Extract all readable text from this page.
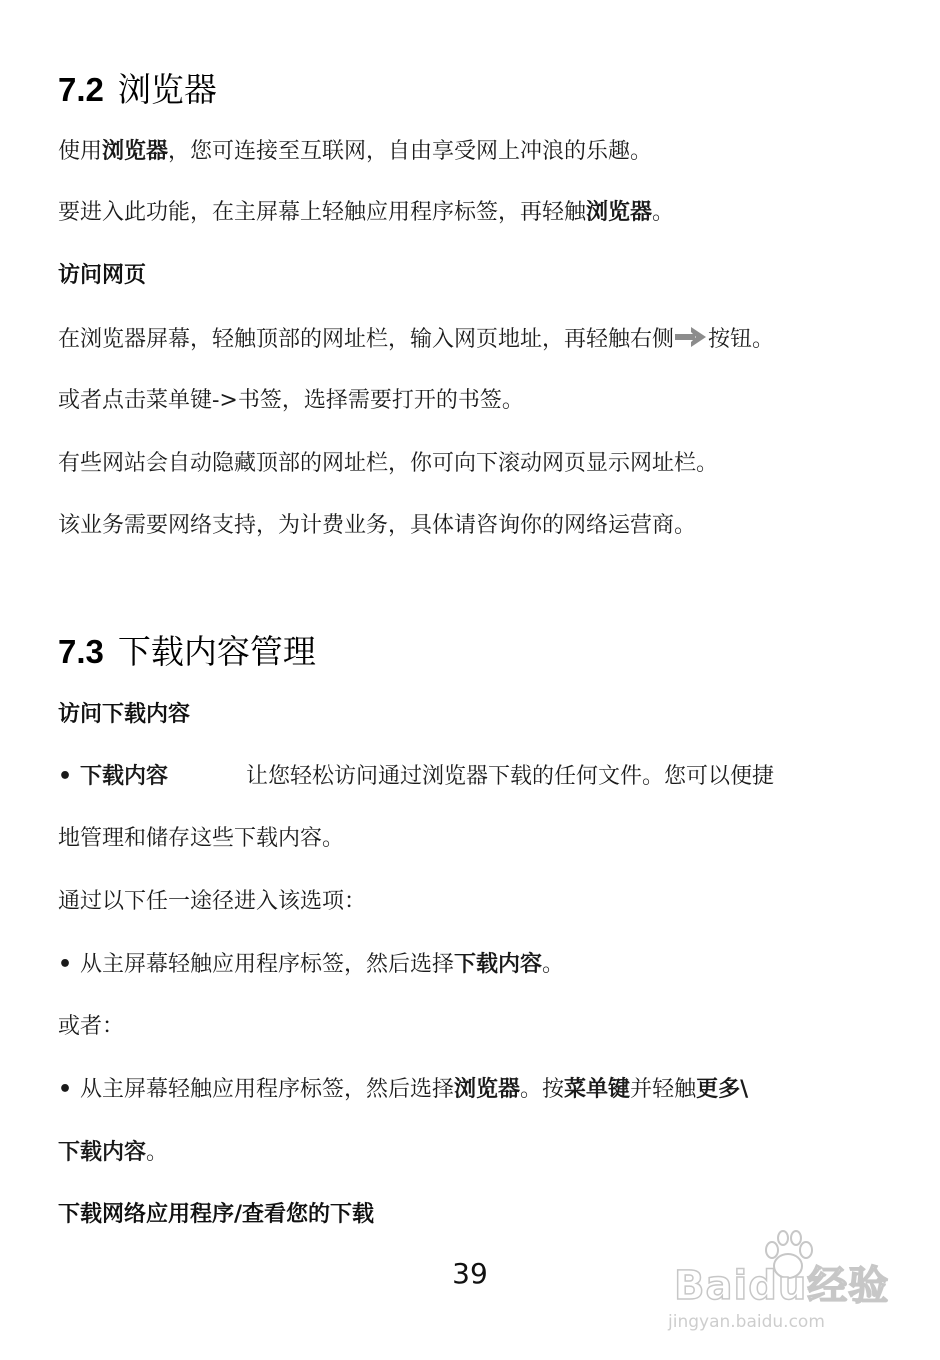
7.2 浏览器
使用浏览器，您可连接至互联网，自由享受网上冲浪的乐趣。
要进入此功能，在主屏幕上轻触应用程序标签，再轻触浏览器。
访问网页
在浏览器屏幕，轻触顶部的网址栏，输入网页地址，再轻触右侧 按钮。
或者点击菜单键->书签，选择需要打开的书签。
有些网站会自动隐藏顶部的网址栏，你可向下滚动网页显示网址栏。
该业务需要网络支持，为计费业务，具体请咨询你的网络运营商。
7.3 下载内容管理
访问下载内容
• 下载内容	让您轻松访问通过浏览器下载的任何文件。您可以便捷
地管理和储存这些下载内容。
通过以下任一途径进入该选项：
• 从主屏幕轻触应用程序标签，然后选择下载内容。
或者：
• 从主屏幕轻触应用程序标签，然后选择浏览器。按菜单键并轻触更多\
下载内容。
下载网络应用程序/查看您的下载
39	Baidu经验
jingyan.baidu.com
